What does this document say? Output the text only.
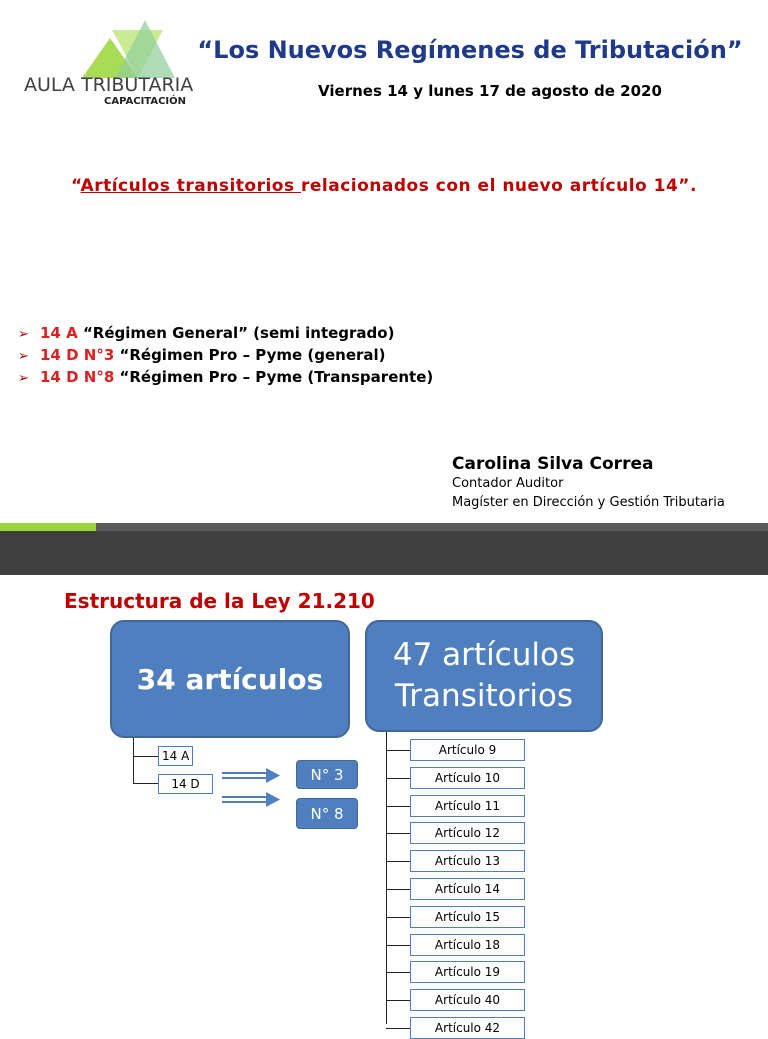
AULA TRIBUTARIA
CAPACITACIÓN
“Los Nuevos Regímenes de Tributación”
Viernes 14 y lunes 17 de agosto de 2020
“Artículos transitorios relacionados con el nuevo artículo 14”.
➢ 14 A “Régimen General” (semi integrado)
➢ 14 D N°3 “Régimen Pro – Pyme (general)
➢ 14 D N°8 “Régimen Pro – Pyme (Transparente)
Carolina Silva Correa
Contador Auditor
Magíster en Dirección y Gestión Tributaria
Estructura de la Ley 21.210
34 artículos
47 artículos
Transitorios
14 A
14 D
N° 3
N° 8
Artículo 9
Artículo 10
Artículo 11
Artículo 12
Artículo 13
Artículo 14
Artículo 15
Artículo 18
Artículo 19
Artículo 40
Artículo 42
